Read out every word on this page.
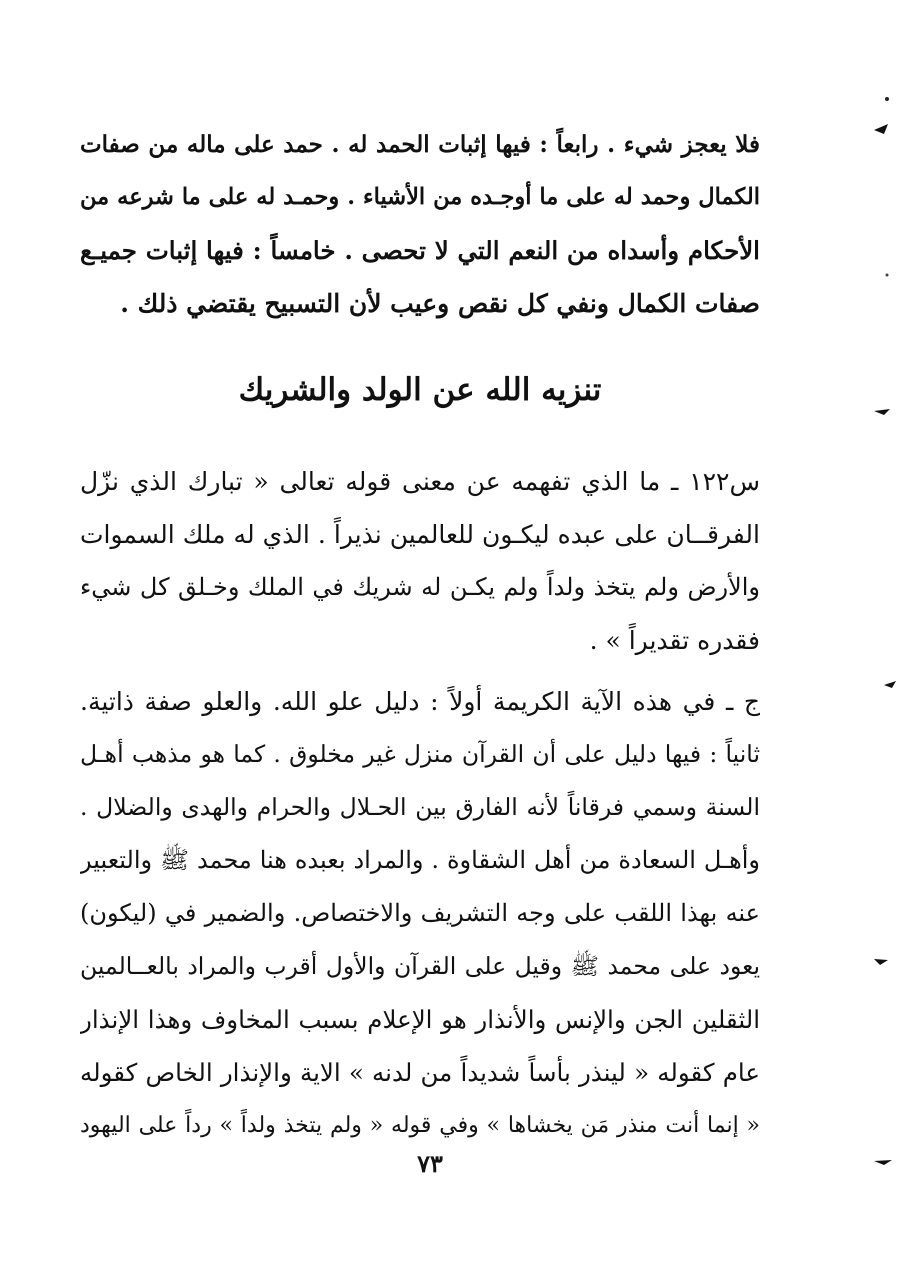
فلا يعجز شيء . رابعاً : فيها إثبات الحمد له . حمد على ماله من صفات
الكمال وحمد له على ما أوجـده من الأشياء . وحمـد له على ما شرعه من
الأحكام وأسداه من النعم التي لا تحصى . خامساً : فيها إثبات جميـع
صفات الكمال ونفي كل نقص وعيب لأن التسبيح يقتضي ذلك .
تنزيه الله عن الولد والشريك
س١٢٢ ـ ما الذي تفهمه عن معنى قوله تعالى « تبارك الذي نزّل
الفرقــان على عبده ليكـون للعالمين نذيراً . الذي له ملك السموات
والأرض ولم يتخذ ولداً ولم يكـن له شريك في الملك وخـلق كل شيء
فقدره تقديراً » .
ج ـ في هذه الآية الكريمة أولاً : دليل علو الله. والعلو صفة ذاتية.
ثانياً : فيها دليل على أن القرآن منزل غير مخلوق . كما هو مذهب أهـل
السنة وسمي فرقاناً لأنه الفارق بين الحـلال والحرام والهدى والضلال .
وأهـل السعادة من أهل الشقاوة . والمراد بعبده هنا محمد ﷺ والتعبير
عنه بهذا اللقب على وجه التشريف والاختصاص. والضمير في (ليكون)
يعود على محمد ﷺ وقيل على القرآن والأول أقرب والمراد بالعــالمين
الثقلين الجن والإنس والأنذار هو الإعلام بسبب المخاوف وهذا الإنذار
عام كقوله « لينذر بأساً شديداً من لدنه » الاية والإنذار الخاص كقوله
« إنما أنت منذر مَن يخشاها » وفي قوله « ولم يتخذ ولداً » رداً على اليهود
٧٣
